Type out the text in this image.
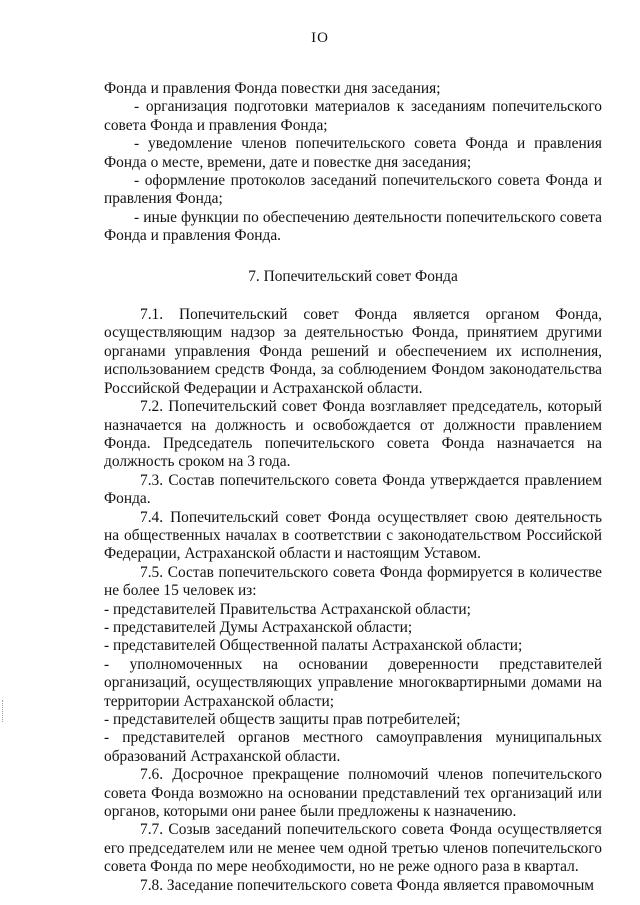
IO

Фонда и правления Фонда повестки дня заседания;

- организация подготовки материалов к заседаниям попечительского совета Фонда и правления Фонда;

- уведомление членов попечительского совета Фонда и правления Фонда о месте, времени, дате и повестке дня заседания;

- оформление протоколов заседаний попечительского совета Фонда и правления Фонда;

- иные функции по обеспечению деятельности попечительского совета Фонда и правления Фонда.

7. Попечительский совет Фонда

7.1. Попечительский совет Фонда является органом Фонда, осуществляющим надзор за деятельностью Фонда, принятием другими органами управления Фонда решений и обеспечением их исполнения, использованием средств Фонда, за соблюдением Фондом законодательства Российской Федерации и Астраханской области.

7.2. Попечительский совет Фонда возглавляет председатель, который назначается на должность и освобождается от должности правлением Фонда. Председатель попечительского совета Фонда назначается на должность сроком на 3 года.

7.3. Состав попечительского совета Фонда утверждается правлением Фонда.

7.4. Попечительский совет Фонда осуществляет свою деятельность на общественных началах в соответствии с законодательством Российской Федерации, Астраханской области и настоящим Уставом.

7.5. Состав попечительского совета Фонда формируется в количестве не более 15 человек из:

- представителей Правительства Астраханской области;

- представителей Думы Астраханской области;

- представителей Общественной палаты Астраханской области;

- уполномоченных на основании доверенности представителей организаций, осуществляющих управление многоквартирными домами на территории Астраханской области;

- представителей обществ защиты прав потребителей;

- представителей органов местного самоуправления муниципальных образований Астраханской области.

7.6. Досрочное прекращение полномочий членов попечительского совета Фонда возможно на основании представлений тех организаций или органов, которыми они ранее были предложены к назначению.

7.7. Созыв заседаний попечительского совета Фонда осуществляется его председателем или не менее чем одной третью членов попечительского совета Фонда по мере необходимости, но не реже одного раза в квартал.

7.8. Заседание попечительского совета Фонда является правомочным
